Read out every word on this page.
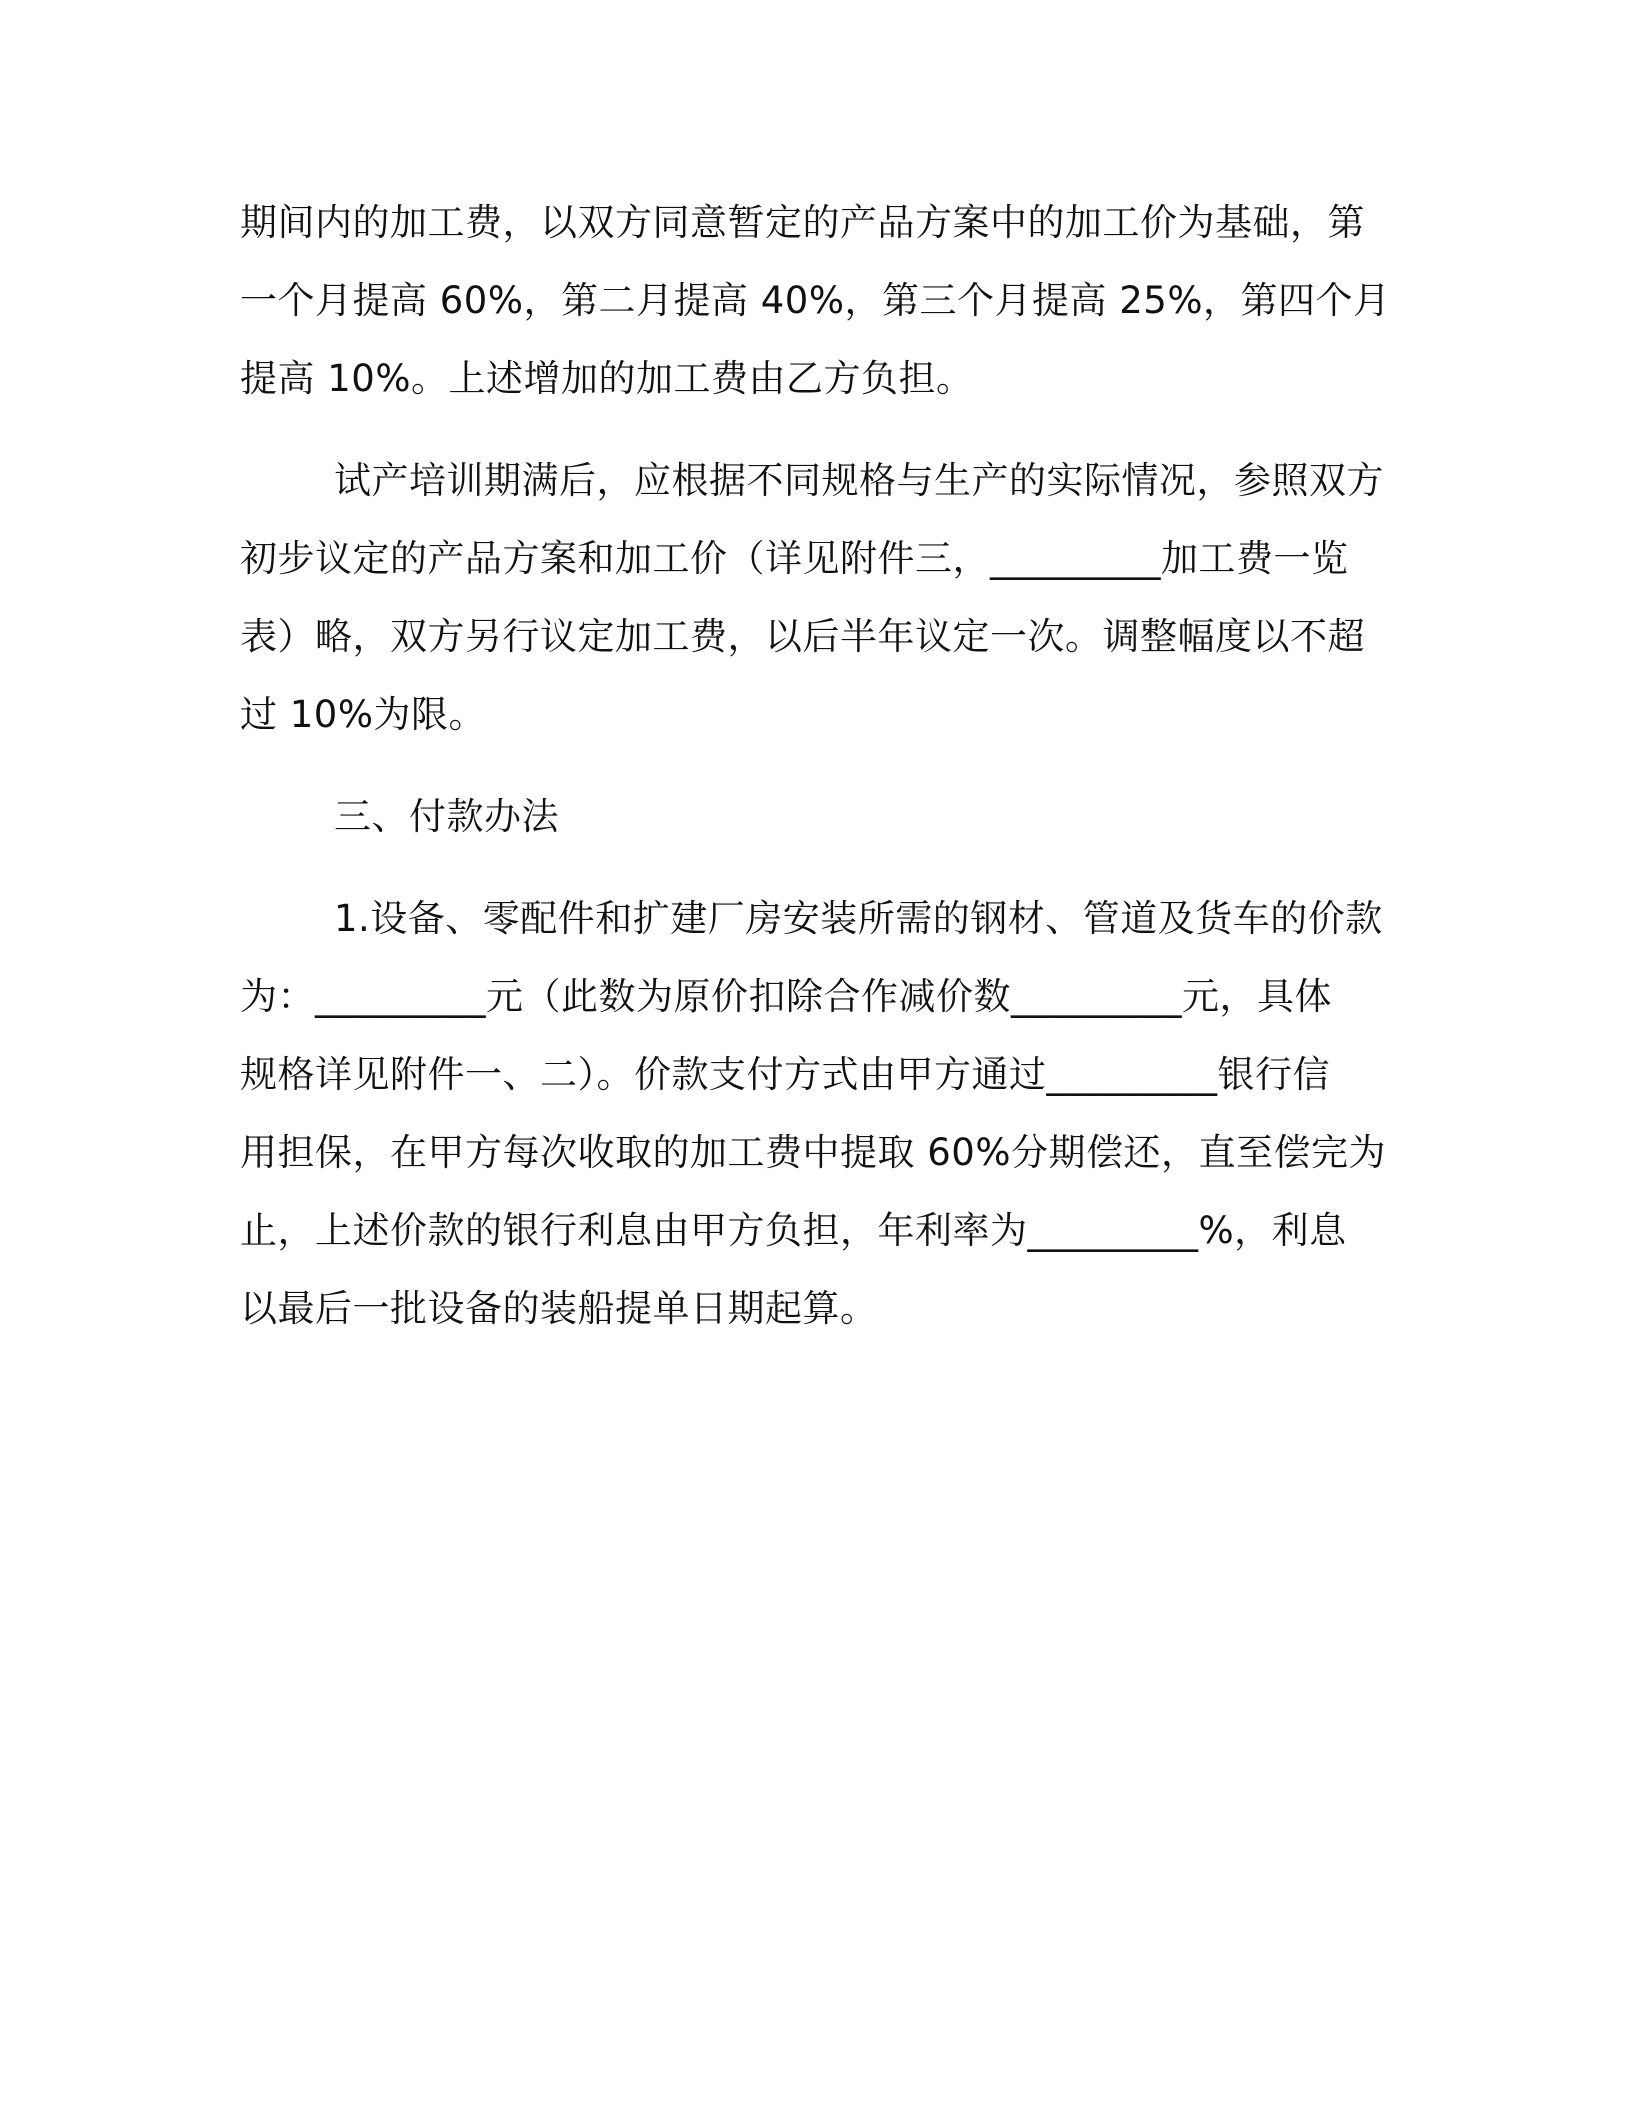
期间内的加工费，以双方同意暂定的产品方案中的加工价为基础，第
一个月提高 60%，第二月提高 40%，第三个月提高 25%，第四个月
提高 10%。上述增加的加工费由乙方负担。

试产培训期满后，应根据不同规格与生产的实际情况，参照双方
初步议定的产品方案和加工价（详见附件三，_________加工费一览
表）略，双方另行议定加工费，以后半年议定一次。调整幅度以不超
过 10%为限。

三、付款办法

1.设备、零配件和扩建厂房安装所需的钢材、管道及货车的价款
为：_________元（此数为原价扣除合作减价数_________元，具体
规格详见附件一、二）。价款支付方式由甲方通过_________银行信
用担保，在甲方每次收取的加工费中提取 60%分期偿还，直至偿完为
止，上述价款的银行利息由甲方负担，年利率为_________%，利息
以最后一批设备的装船提单日期起算。
